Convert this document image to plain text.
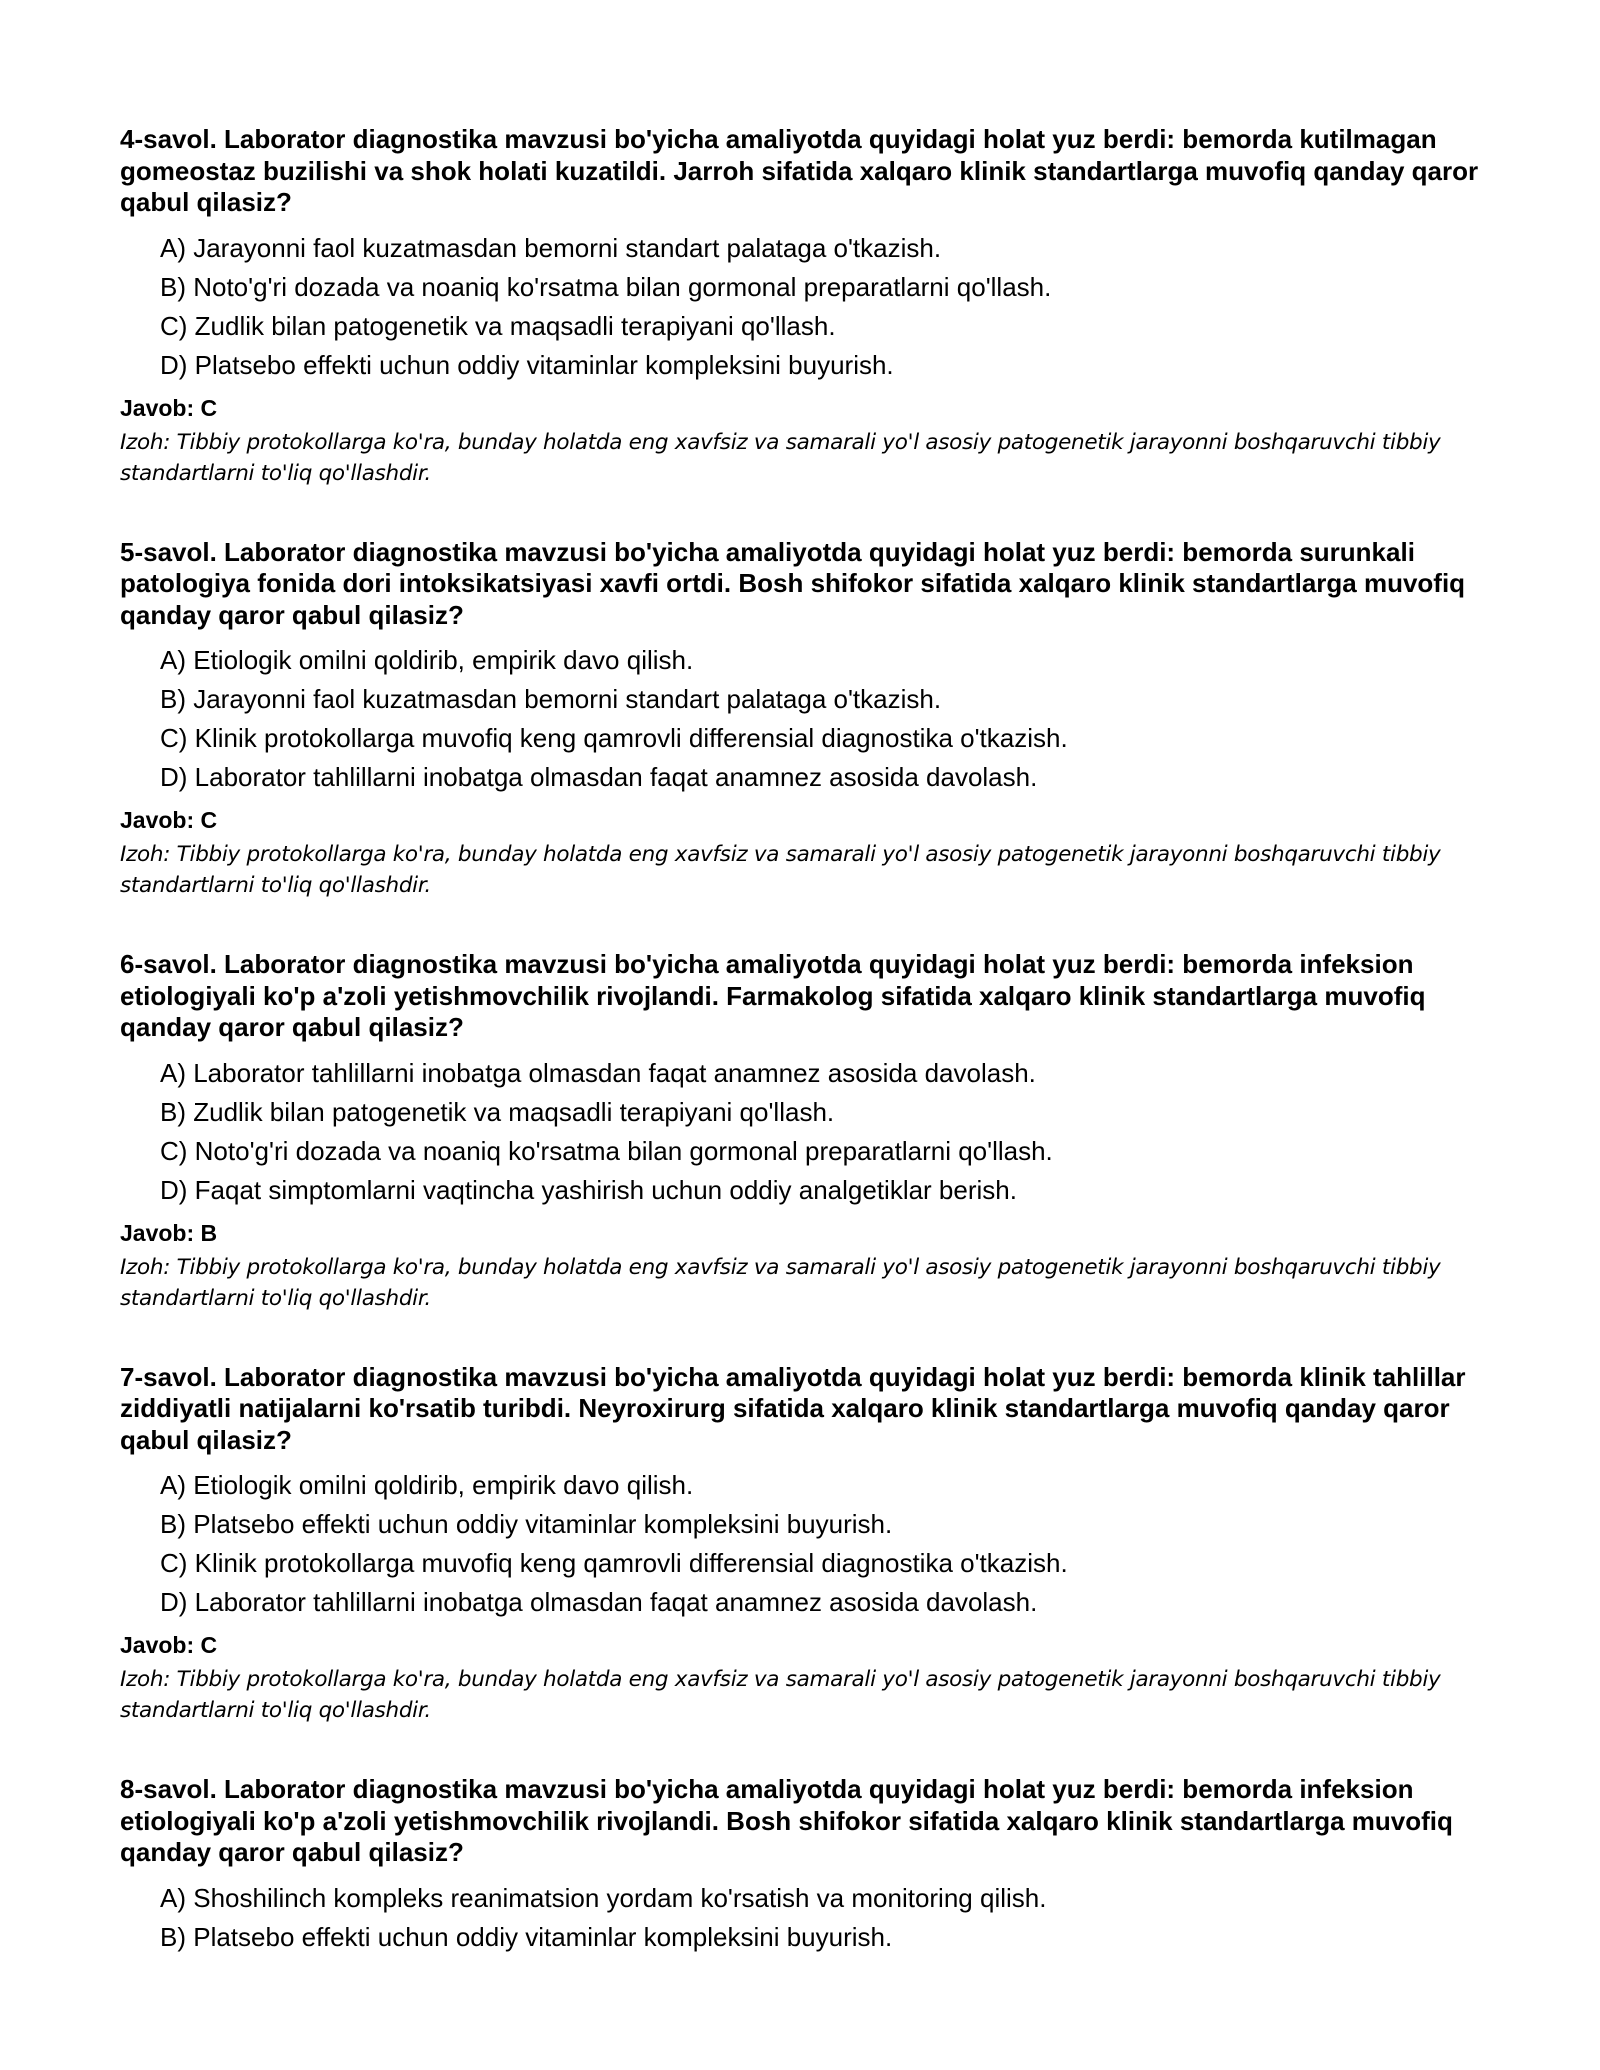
4-savol. Laborator diagnostika mavzusi bo'yicha amaliyotda quyidagi holat yuz berdi: bemorda kutilmagan gomeostaz buzilishi va shok holati kuzatildi. Jarroh sifatida xalqaro klinik standartlarga muvofiq qanday qaror qabul qilasiz?

A) Jarayonni faol kuzatmasdan bemorni standart palataga o'tkazish.
B) Noto'g'ri dozada va noaniq ko'rsatma bilan gormonal preparatlarni qo'llash.
C) Zudlik bilan patogenetik va maqsadli terapiyani qo'llash.
D) Platsebo effekti uchun oddiy vitaminlar kompleksini buyurish.

Javob: C

Izoh: Tibbiy protokollarga ko'ra, bunday holatda eng xavfsiz va samarali yo'l asosiy patogenetik jarayonni boshqaruvchi tibbiy standartlarni to'liq qo'llashdir.

5-savol. Laborator diagnostika mavzusi bo'yicha amaliyotda quyidagi holat yuz berdi: bemorda surunkali patologiya fonida dori intoksikatsiyasi xavfi ortdi. Bosh shifokor sifatida xalqaro klinik standartlarga muvofiq qanday qaror qabul qilasiz?

A) Etiologik omilni qoldirib, empirik davo qilish.
B) Jarayonni faol kuzatmasdan bemorni standart palataga o'tkazish.
C) Klinik protokollarga muvofiq keng qamrovli differensial diagnostika o'tkazish.
D) Laborator tahlillarni inobatga olmasdan faqat anamnez asosida davolash.

Javob: C

Izoh: Tibbiy protokollarga ko'ra, bunday holatda eng xavfsiz va samarali yo'l asosiy patogenetik jarayonni boshqaruvchi tibbiy standartlarni to'liq qo'llashdir.

6-savol. Laborator diagnostika mavzusi bo'yicha amaliyotda quyidagi holat yuz berdi: bemorda infeksion etiologiyali ko'p a'zoli yetishmovchilik rivojlandi. Farmakolog sifatida xalqaro klinik standartlarga muvofiq qanday qaror qabul qilasiz?

A) Laborator tahlillarni inobatga olmasdan faqat anamnez asosida davolash.
B) Zudlik bilan patogenetik va maqsadli terapiyani qo'llash.
C) Noto'g'ri dozada va noaniq ko'rsatma bilan gormonal preparatlarni qo'llash.
D) Faqat simptomlarni vaqtincha yashirish uchun oddiy analgetiklar berish.

Javob: B

Izoh: Tibbiy protokollarga ko'ra, bunday holatda eng xavfsiz va samarali yo'l asosiy patogenetik jarayonni boshqaruvchi tibbiy standartlarni to'liq qo'llashdir.

7-savol. Laborator diagnostika mavzusi bo'yicha amaliyotda quyidagi holat yuz berdi: bemorda klinik tahlillar ziddiyatli natijalarni ko'rsatib turibdi. Neyroxirurg sifatida xalqaro klinik standartlarga muvofiq qanday qaror qabul qilasiz?

A) Etiologik omilni qoldirib, empirik davo qilish.
B) Platsebo effekti uchun oddiy vitaminlar kompleksini buyurish.
C) Klinik protokollarga muvofiq keng qamrovli differensial diagnostika o'tkazish.
D) Laborator tahlillarni inobatga olmasdan faqat anamnez asosida davolash.

Javob: C

Izoh: Tibbiy protokollarga ko'ra, bunday holatda eng xavfsiz va samarali yo'l asosiy patogenetik jarayonni boshqaruvchi tibbiy standartlarni to'liq qo'llashdir.

8-savol. Laborator diagnostika mavzusi bo'yicha amaliyotda quyidagi holat yuz berdi: bemorda infeksion etiologiyali ko'p a'zoli yetishmovchilik rivojlandi. Bosh shifokor sifatida xalqaro klinik standartlarga muvofiq qanday qaror qabul qilasiz?

A) Shoshilinch kompleks reanimatsion yordam ko'rsatish va monitoring qilish.
B) Platsebo effekti uchun oddiy vitaminlar kompleksini buyurish.
